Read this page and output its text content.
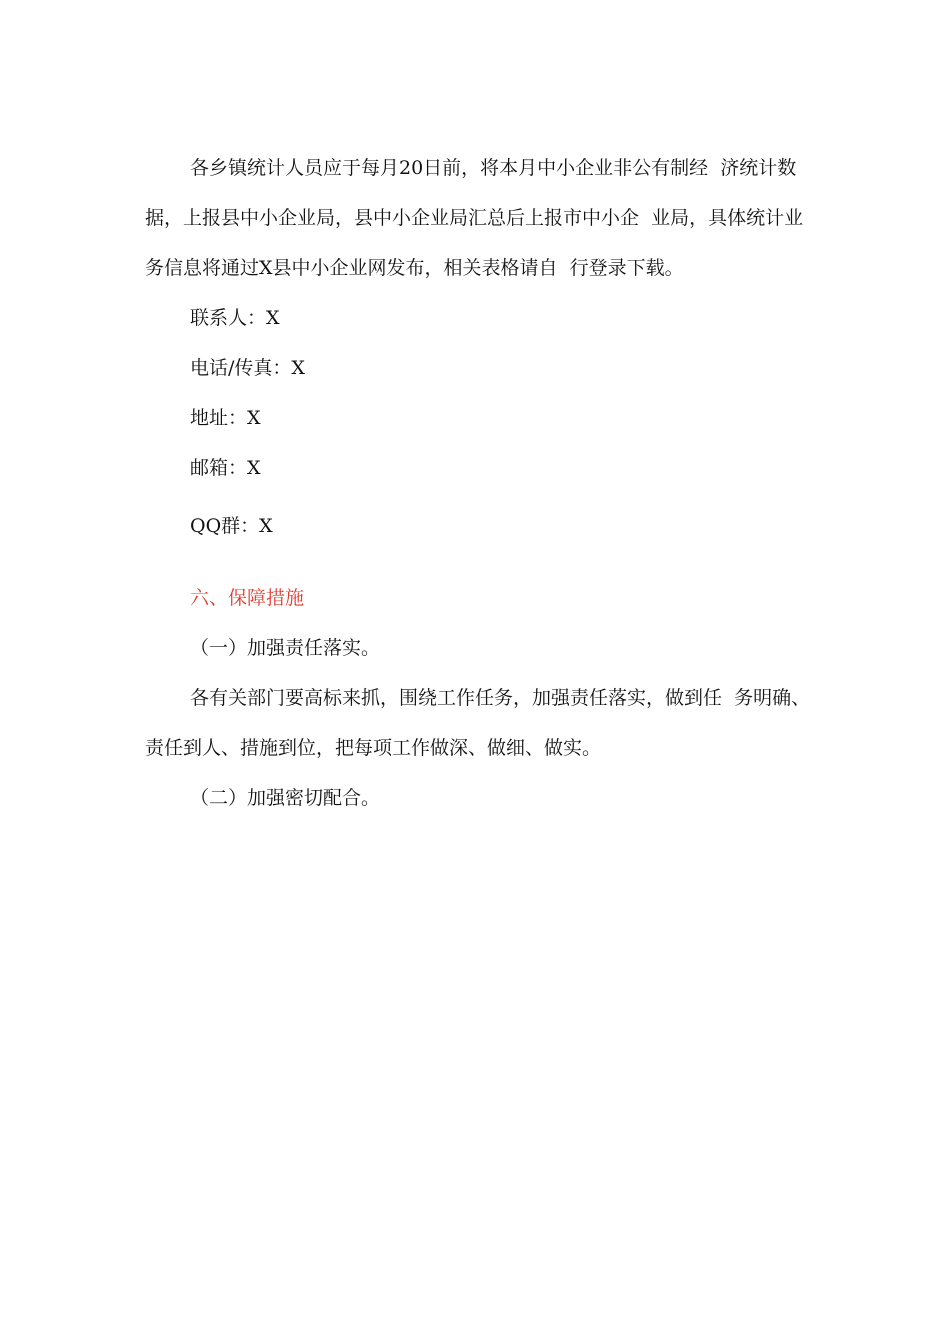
各乡镇统计人员应于每月20日前，将本月中小企业非公有制经  济统计数
据，上报县中小企业局，县中小企业局汇总后上报市中小企  业局，具体统计业
务信息将通过X县中小企业网发布，相关表格请自  行登录下载。
联系人：X
电话/传真：X
地址：X
邮箱：X
QQ群：X
六、保障措施
（一）加强责任落实。
各有关部门要高标来抓，围绕工作任务，加强责任落实，做到任  务明确、
责任到人、措施到位，把每项工作做深、做细、做实。
（二）加强密切配合。
